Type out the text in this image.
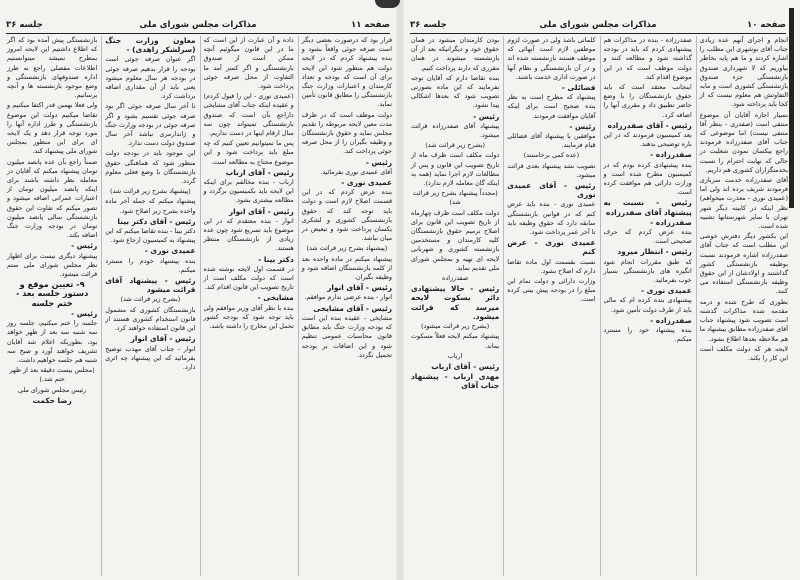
صفحه ۱۱
مذاکرات مجلس شورای ملی
جلسه ۳۶

قرار بود که درصورت بعضی دیگر است صرفه جوئی واقعاً بشود و بنده پیشنهاد کردم که در لایحه دولت هم منظور شود این لایحه برای آن است که بودجه و تعداد کارمندان و اعتبارات وزارت جنگ بازنشستگی را مطابق قانون تأمین نماید.

دولت موظف است که در ظرف مدت معین لایحه مربوطه را تقدیم مجلس نماید و حقوق بازنشستگان و وظیفه بگیران را از محل صرفه جوئی پرداخت کند.

رئیس -

آقای عمیدی نوری بفرمائید.

عمیدی نوری -

بنده عرض کردم که در این قسمت اصلاح لازم است و دولت باید توجه کند که حقوق بازنشستگی کشوری و لشکری یکسان پرداخت شود و تبعیض در میان نباشد.

(پیشنهاد بشرح زیر قرائت شد)

پیشنهاد میکنم در ماده واحده بعد از کلمه بازنشستگان اضافه شود و وظیفه بگیران.

رئیس - آقای انوار

انوار - بنده عرضی ندارم موافقم.

رئیس - آقای مشایخی

مشایخی - عقیده بنده این است که بودجه وزارت جنگ باید مطابق قانون محاسبات عمومی تنظیم شود و این اضافات بر بودجه تحمیل نگردد.

داده و آن عبارت از این است که ما در این قانون میگوئیم آنچه ممکن است از صندوق بازنشستگی و اگر کسر آمد ما التفاوت از محل صرفه جوئی پرداخت شود.

(عمیدی نوری - این را قبول کردم) و عقیده اینکه جناب آقای مشایخی داراجع بآن است که صندوق بازنشستگی نمیتواند چون سه سال ارقام اینها در دست نداریم.

پس ما نمیتوانیم تعیین کنیم که چه مبلغ باید پرداخت شود و این موضوع محتاج به مطالعه است.

رئیس - آقای ارباب

ارباب - بنده مخالفم برای اینکه این لایحه باید بکمیسیون برگردد و مطالعه بیشتری بشود.

رئیس - آقای انوار

انوار - بنده معتقدم که در این موضوع باید تسریع شود چون عده زیادی از بازنشستگان منتظر هستند.

دکتر بینا -

در قسمت اول لایحه نوشته شده است که دولت مکلف است از تاریخ تصویب این قانون اقدام کند.

مشایخی -

بنده با نظر آقای وزیر موافقم ولی باید توجه شود که بودجه کشور تحمل این مخارج را داشته باشد.

معاون وزارت جنگ (سرلشکر زاهدی) -

اگر عنوان صرفه جوئی است بودجه را قرار بدهیم صرفه جوئی در بودجه هر سال معلوم میشود یعنی باید از آن مقداری اضافه برداشت کرد.

تا آخر سال صرفه جوئی اگر بود صرفه جوئی تقسیم بشود و اگر صرفه جوئی در بودجه وزارت جنگ و ژاندارمری نباشد آخر سال صندوق دولت دست ندارد.

این موجود باید در بودجه دولت منظور شود که هماهنگی حقوق بازنشستگان با وضع فعلی معلوم گردد.

(پیشنهاد بشرح زیر قرائت شد)

پیشنهاد میکنم که جمله آخر ماده واحده بشرح زیر اصلاح شود.

رئیس - آقای دکتر بینا

دکتر بینا - بنده تقاضا میکنم که این پیشنهاد به کمیسیون ارجاع شود.

عمیدی نوری -

بنده پیشنهاد خودم را مسترد میکنم.

رئیس - پیشنهاد آقای قرائت میشود

(بشرح زیر قرائت شد)

بازنشستگان کشوری که مشمول قانون استخدام کشوری هستند از این قانون استفاده خواهند کرد.

رئیس - آقای انوار

انوار - جناب آقای مهذب توضیح بفرمائید که این پیشنهاد چه اثری دارد.

بازنشستگی پیش آمده بود که اگر که اطلاع داشتیم این لایحه امروز بمطرح نمیشد میتوانستیم اطلاعات مفصلی راجع به طرز اداره صندوقهای بازنشستگی و وضع موجود بازنشسته ها و آنچه برسانیم.

ولی فعلا بهمین قدر اکتفا میکنیم و تقاضا میکنیم دولت این موضوع بازنشستگی و طرز اداره آنها را مورد توجه قرار دهد و یک لایحه ای برای این منظور بمجلس شورای ملی پیشنهاد کند.

ضمناً راجع بآن عده پانصد میلیون تومان پیشنهاد میکنم که آقایان در معامله نظر داشته باشند برای اینکه پانصد میلیون تومان از اعتبارات عمرانی اضافه میشود و تصور میکنم که تفاوت این حقوق بازنشستگی سالی پانصد میلیون تومان در بودجه وزارت جنگ اضافه بکند.

رئیس -

پیشنهاد دیگری نیست برای اظهار نظر مجلس شورای ملی ستم قرائت میشود.

۹- تعیین موقع و دستور جلسه بعد - ختم جلسه

رئیس -

جلسه را ختم میکنیم، جلسه روز سه شنبه سه بعد از ظهر خواهد بود، بطوریکه اعلام شد آقایان تشریف خواهند آورد و صبح سه شنبه هم جلسه خواهیم داشت.

(مجلس بیست دقیقه بعد از ظهر ختم شد.)

رئیس مجلس شورای ملی

رضا حکمت

صفحه ۱۰
مذاکرات مجلس شورای ملی
جلسه ۳۶

انجام و اجرای آنهم عده زیادی جناب آقای بوشهری این مطلب را اشاره کردند و ما هم پایه بخاطر بیاوریم که لا شهرداری صندوق بازنشستگی جزء صندوق بازنشستگی کشوری است و مابه التفاوتش هم معلوم نیست که از کجا باید پرداخته شود.

بسیار اجازه آقایان آن موضوع منتفی است (صفدری - بنظر آقا منتفی نیست) اما موضوعی که جناب آقای صفدرزاده فرمودند راجع بیکسان نمودن شغلیت در حالی که نهایت احترام را نسبت بخدمتگزاران کشوری هم داریم.

آقای صفدرزاده خدمت سربازی فرمودند شریف برده اند ولی اما (عمیدی نوری - معذرت میخواهم) نظر اینکه در کابینه دیگر شهر تهران با سایر شهرستانها تشبیه شده است.

این بکشور دیگر دفترش خوشی این مطلب است که جناب آقای صفدرزاده اشاره فرمودند نسبت بوظیفه بازنشستگی کشور گذاشتند و اولادشان از این حقوق وظیفه بازنشستگی استفاده می کنند.

بطوری که طرح شده و درمه مقدمه شده مذاکرات گذشته است تصویب شود پیشنهاد جناب آقای صفدرزاده مطابق بیشنهاد ما هم ملاحظه بعدها اطلاع بشود.

لایحه هر که دولت مکلف است این کار را بکند.

صفدرزاده - بنده در مذاکرات هم پیشنهادی کردم که باید در بودجه گذاشته شود و مطالعه کنند و دولت موظف است که در این موضوع اقدام کند.

اینجانب معتقد است که باید حقوق بازنشستگان را با وضع حاضر تطبیق داد و مقرری آنها را اضافه کرد.

رئیس - آقای صفدرزاده

بعد کمیسیون فرمودند که در این باره توضیحی بدهند.

صفدرزاده -

بنده پیشنهادی کرده بودم که در کمیسیون مطرح شده است و وزارت دارائی هم موافقت کرده است.

رئیس - نسبت به پیشنهاد آقای صفدرزاده

صفدرزاده -

بنده عرض کردم که حرف صحیحی است.

رئیس - انتظار میرود

که طبق مقررات انجام شود انگیزه های بازنشستگی بسیار خوب بفرمائید.

عمیدی نوری -

پیشنهادی بنده کرده ام که مالی باید از طرف دولت تأمین شود.

صفدرزاده -

بنده پیشنهاد خود را مسترد میکنم.

کلماتی باشد ولی در صورت لزوم موظفین لازم است آنهائی که موظف هستند بازنشسته شده اند و در آن بازنشستگی و نظام آنها در صورت اداری خدمت باشند.

فضائلی -

پیشنهاد که مطرح است به نظر بنده صحیح است برای اینکه آقایان موافقت فرمودند.

رئیس -

موافقین با پیشنهاد آقای فضائلی قیام فرمایند.

(عده کمی برخاستند)

تصویب نشد پیشنهاد بعدی قرائت میشود.

رئیس - آقای عمیدی نوری

عمیدی نوری - بنده باید عرض کنم که در قوانین بازنشستگی سابقه دارد که حقوق وظیفه باید تا آخر عمر پرداخت شود.

عمیدی نوری - عرض کنم

نسبت بقسمت اول ماده تقاضا دارم که اصلاح بشود.

وزارت دارائی و دولت تمام این مبلغ را در بودجه پیش بینی کرده است.

بودن کارمندان میشود در همان حقوق خود و دیگرانیکه بعد از آن بازنشسته میشوند در همان مقرری که دارند پرداخت کنیم.

بنده تقاضا دارم که آقایان توجه بفرمایند که این ماده بصورتی تصویب شود که بعدها اشکالی پیدا نشود.

رئیس -

پیشنهاد آقای صفدرزاده قرائت میشود.

(بشرح زیر قرائت شد)

دولت مکلف است ظرف ماه از تاریخ تصویب این قانون و پس از مطالعات لازم اجرا نماید (همه به اینکه گان معامله لازم ندارد).

(مجدداً پیشنهاد بشرح زیر قرائت شد)

دولت مکلف است ظرف چهارماه از تاریخ تصویب این قانون برای اصلاح ترمیم حقوق بازنشستگان کلیه کارمندان و مستخدمین بازنشسته کشوری و شهربانی لایحه ای تهیه و بمجلس شورای ملی تقدیم نماید.

صفدرزاده

رئیس - حالا پیشنهادی دائر بسکوت لایحه میرسد که قرائت میشود.

(بشرح زیر قرائت میشود)

پیشنهاد میکنم لایحه فعلاً مسکوت بماند.

ارباب

رئیس - آقای ارباب

مهدی ارباب - پیشنهاد جناب آقای
